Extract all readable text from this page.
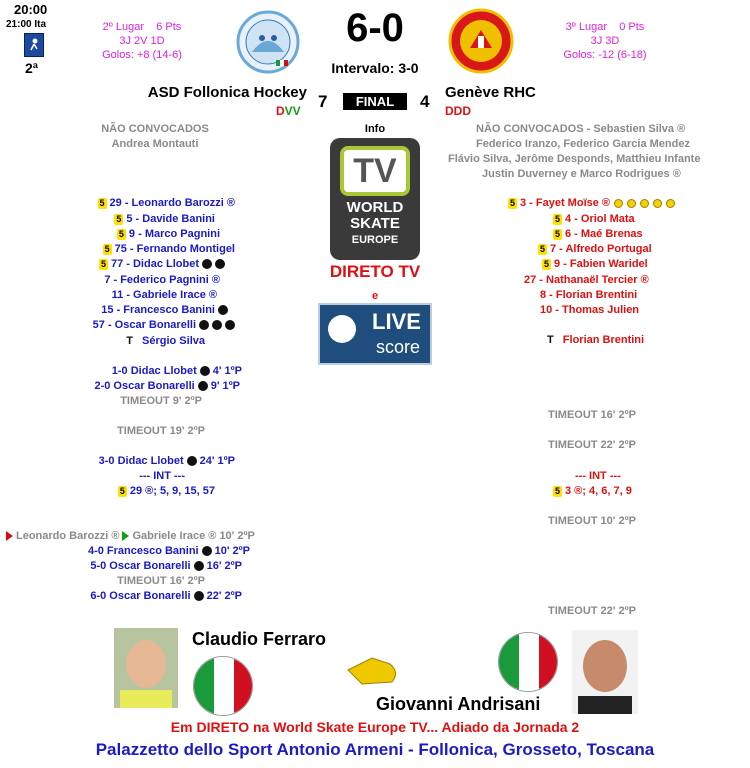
20:00
21:00 Ita
2ª
2º Lugar 6 Pts
3J 2V 1D
Golos: +8 (14-6)
6-0
Intervalo: 3-0
3º Lugar 0 Pts
3J 3D
Golos: -12 (6-18)
ASD Follonica Hockey
DVV 7	FINAL	4 Genève RHC
DDD
Info
TV
WORLD
SKATE
EUROPE
DIRETO TV
e
LIVE
score
NÃO CONVOCADOS
Andrea Montauti
5 29 - Leonardo Barozzi ®
5 5 - Davide Banini
5 9 - Marco Pagnini
5 75 - Fernando Montigel
5 77 - Didac Llobet
7 - Federico Pagnini ®
11 - Gabriele Irace ®
15 - Francesco Banini
57 - Oscar Bonarelli
T
Sérgio Silva
1-0 Didac Llobet 4' 1ºP
2-0 Oscar Bonarelli 9' 1ºP
TIMEOUT 9' 2ºP
TIMEOUT 19' 2ºP
3-0 Didac Llobet 24' 1ºP
--- INT ---
5 29 ®; 5, 9, 15, 57
Leonardo Barozzi ® Gabriele Irace ® 10' 2ºP
4-0 Francesco Banini 10' 2ºP
5-0 Oscar Bonarelli 16' 2ºP
TIMEOUT 16' 2ºP
6-0 Oscar Bonarelli 22' 2ºP
NÃO CONVOCADOS - Sebastien Silva ®
Federico Iranzo, Federico Garcia Mendez
Flávio Silva, Jerôme Desponds, Matthieu Infante
Justin Duverney e Marco Rodrigues ®
5 3 - Fayet Moïse ®
5 4 - Oriol Mata
5 6 - Maé Brenas
5 7 - Alfredo Portugal
5 9 - Fabien Waridel
27 - Nathanaël Tercier ®
8 - Florian Brentini
10 - Thomas Julien
T
Florian Brentini
TIMEOUT 16' 2ºP
TIMEOUT 22' 2ºP
--- INT ---
5 3 ®; 4, 6, 7, 9
TIMEOUT 10' 2ºP
TIMEOUT 22' 2ºP
Claudio Ferraro
Giovanni Andrisani
Em DIRETO na World Skate Europe TV... Adiado da Jornada 2
Palazzetto dello Sport Antonio Armeni - Follonica, Grosseto, Toscana
